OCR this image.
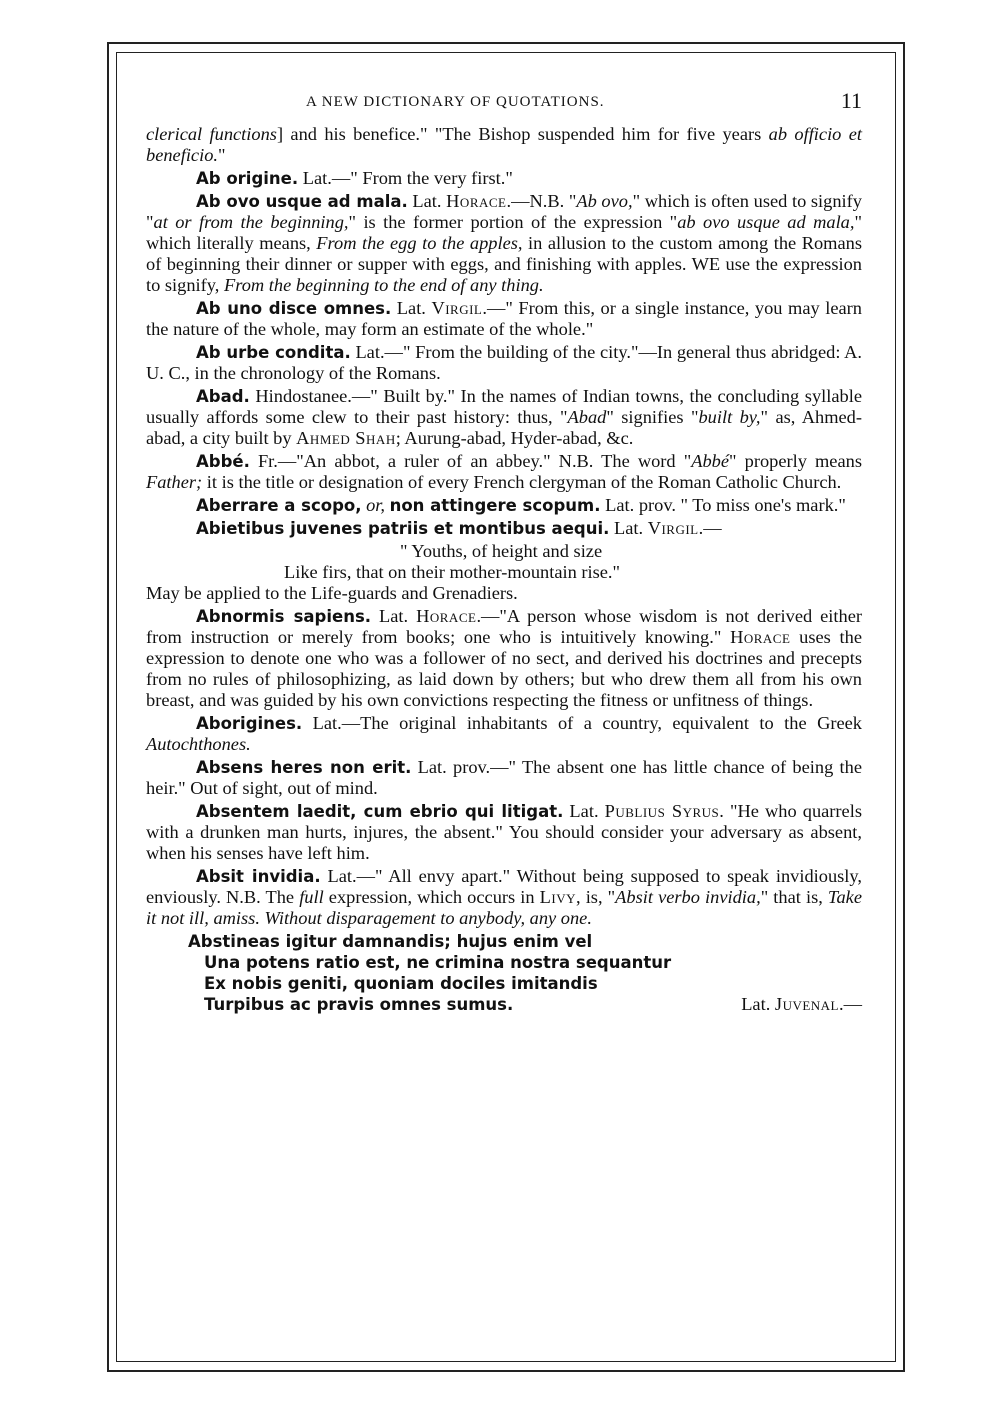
A NEW DICTIONARY OF QUOTATIONS.	11

clerical functions] and his benefice." "The Bishop suspended him for five years ab officio et beneficio."

Ab origine. Lat.—" From the very first."

Ab ovo usque ad mala. Lat. Horace.—N.B. "Ab ovo," which is often used to signify "at or from the beginning," is the former portion of the expression "ab ovo usque ad mala," which literally means, From the egg to the apples, in allusion to the custom among the Romans of beginning their dinner or supper with eggs, and finishing with apples. WE use the expression to signify, From the beginning to the end of any thing.

Ab uno disce omnes. Lat. Virgil.—" From this, or a single instance, you may learn the nature of the whole, may form an estimate of the whole."

Ab urbe condita. Lat.—" From the building of the city."—In general thus abridged: A. U. C., in the chronology of the Romans.

Abad. Hindostanee.—" Built by." In the names of Indian towns, the concluding syllable usually affords some clew to their past history: thus, "Abad" signifies "built by," as, Ahmed-abad, a city built by Ahmed Shah; Aurung-abad, Hyder-abad, &c.

Abbé. Fr.—"An abbot, a ruler of an abbey." N.B. The word "Abbé" properly means Father; it is the title or designation of every French clergyman of the Roman Catholic Church.

Aberrare a scopo, or, non attingere scopum. Lat. prov. " To miss one's mark."

Abietibus juvenes patriis et montibus aequi. Lat. Virgil.—

" Youths, of height and size

Like firs, that on their mother-mountain rise."

May be applied to the Life-guards and Grenadiers.

Abnormis sapiens. Lat. Horace.—"A person whose wisdom is not derived either from instruction or merely from books; one who is intuitively knowing." Horace uses the expression to denote one who was a follower of no sect, and derived his doctrines and precepts from no rules of philosophizing, as laid down by others; but who drew them all from his own breast, and was guided by his own convictions respecting the fitness or unfitness of things.

Aborigines. Lat.—The original inhabitants of a country, equivalent to the Greek Autochthones.

Absens heres non erit. Lat. prov.—" The absent one has little chance of being the heir." Out of sight, out of mind.

Absentem laedit, cum ebrio qui litigat. Lat. Publius Syrus. "He who quarrels with a drunken man hurts, injures, the absent." You should consider your adversary as absent, when his senses have left him.

Absit invidia. Lat.—" All envy apart." Without being supposed to speak invidiously, enviously. N.B. The full expression, which occurs in Livy, is, "Absit verbo invidia," that is, Take it not ill, amiss. Without disparagement to anybody, any one.

Abstineas igitur damnandis; hujus enim vel

Una potens ratio est, ne crimina nostra sequantur

Ex nobis geniti, quoniam dociles imitandis

Turpibus ac pravis omnes sumus.	Lat. Juvenal.—
